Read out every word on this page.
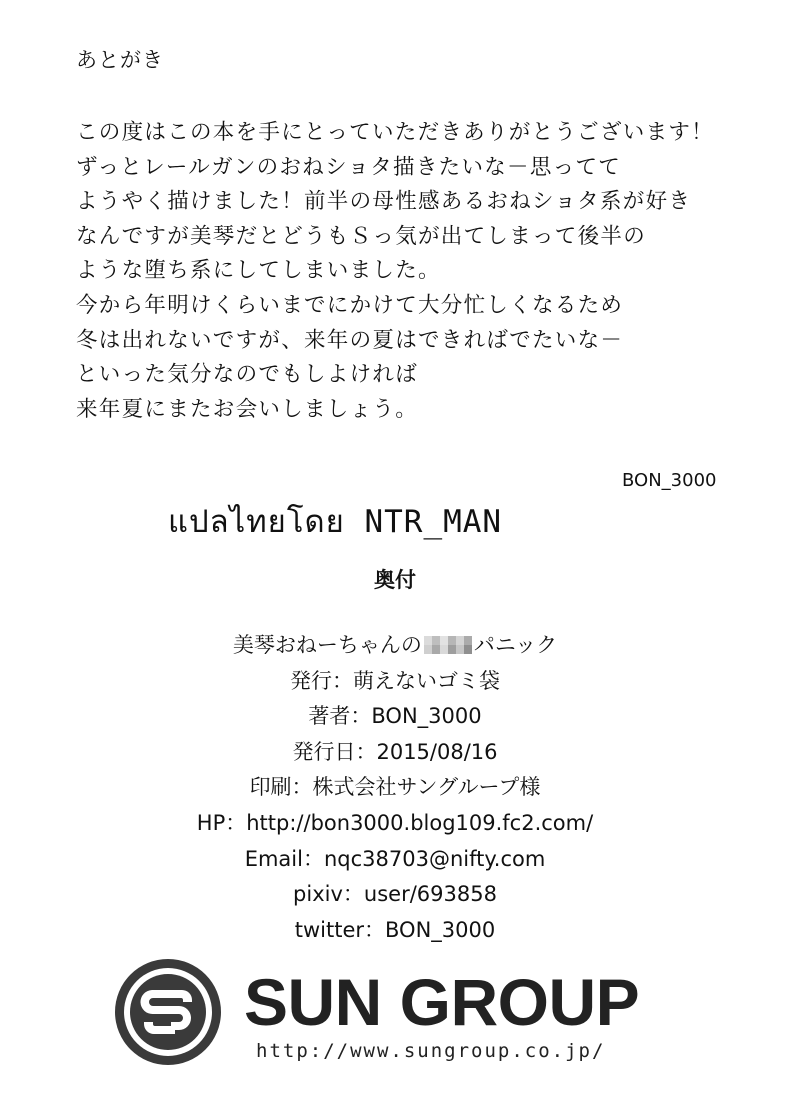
あとがき
この度はこの本を手にとっていただきありがとうございます！
ずっとレールガンのおねショタ描きたいな－思ってて
ようやく描けました！前半の母性感あるおねショタ系が好き
なんですが美琴だとどうもＳっ気が出てしまって後半の
ような堕ち系にしてしまいました。
今から年明けくらいまでにかけて大分忙しくなるため
冬は出れないですが、来年の夏はできればでたいな－
といった気分なのでもしよければ
来年夏にまたお会いしましょう。
BON_3000
แปลไทยโดย NTR_MAN
奥付
美琴おねーちゃんの パニック
発行：萌えないゴミ袋
著者：BON_3000
発行日：2015/08/16
印刷：株式会社サングループ様
HP：http://bon3000.blog109.fc2.com/
Email：nqc38703@nifty.com
pixiv：user/693858
twitter：BON_3000
SUN GROUP
http://www.sungroup.co.jp/
